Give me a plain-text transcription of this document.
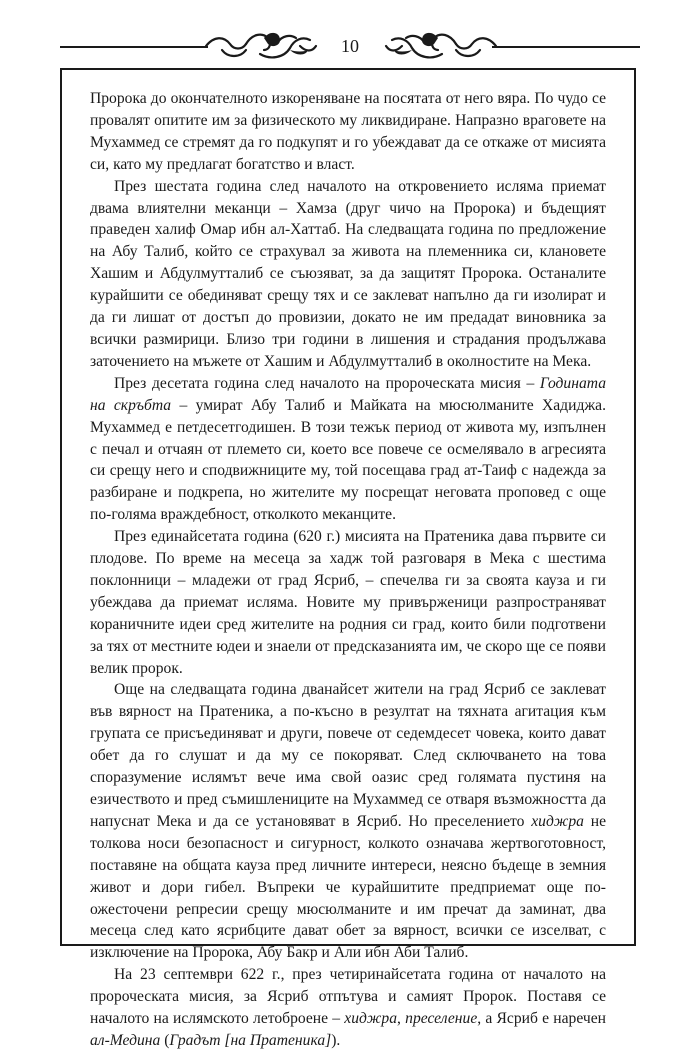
10

Пророка до окончателното изкореняване на посятата от него вяра. По чудо се провалят опитите им за физическото му ликвидиране. Напразно враговете на Мухаммед се стремят да го подкупят и го убеждават да се откаже от мисията си, като му предлагат богатство и власт.

През шестата година след началото на откровението исляма приемат двама влиятелни меканци – Хамза (друг чичо на Пророка) и бъдещият праведен халиф Омар ибн ал-Хаттаб. На следващата година по предложение на Абу Талиб, който се страхувал за живота на племенника си, клановете Хашим и Абдулмутталиб се съюзяват, за да защитят Пророка. Останалите курайшити се обединяват срещу тях и се заклеват напълно да ги изолират и да ги лишат от достъп до провизии, докато не им предадат виновника за всички размирици. Близо три години в лишения и страдания продължава заточението на мъжете от Хашим и Абдулмутталиб в околностите на Мека.

През десетата година след началото на пророческата мисия – Годината на скръбта – умират Абу Талиб и Майката на мюсюлманите Хадиджа. Мухаммед е петдесетгодишен. В този тежък период от живота му, изпълнен с печал и отчаян от племето си, което все повече се осмелявало в агресията си срещу него и сподвижниците му, той посещава град ат-Таиф с надежда за разбиране и подкрепа, но жителите му посрещат неговата проповед с още по-голяма враждебност, отколкото меканците.

През единайсетата година (620 г.) мисията на Пратеника дава първите си плодове. По време на месеца за хадж той разговаря в Мека с шестима поклонници – младежи от град Ясриб, – спечелва ги за своята кауза и ги убеждава да приемат исляма. Новите му привърженици разпространяват кораничните идеи сред жителите на родния си град, които били подготвени за тях от местните юдеи и знаели от предсказанията им, че скоро ще се появи велик пророк.

Още на следващата година дванайсет жители на град Ясриб се заклеват във вярност на Пратеника, а по-късно в резултат на тяхната агитация към групата се присъединяват и други, повече от седемдесет човека, които дават обет да го слушат и да му се покоряват. След сключването на това споразумение ислямът вече има свой оазис сред голямата пустиня на езичеството и пред съмишлениците на Мухаммед се отваря възможността да напуснат Мека и да се установяват в Ясриб. Но преселението хиджра не толкова носи безопасност и сигурност, колкото означава жертвоготовност, поставяне на общата кауза пред личните интереси, неясно бъдеще в земния живот и дори гибел. Въпреки че курайшитите предприемат още по-ожесточени репресии срещу мюсюлманите и им пречат да заминат, два месеца след като ясрибците дават обет за вярност, всички се изселват, с изключение на Пророка, Абу Бакр и Али ибн Аби Талиб.

На 23 септември 622 г., през четиринайсетата година от началото на пророческата мисия, за Ясриб отпътува и самият Пророк. Поставя се началото на ислямското летоброене – хиджра, преселение, а Ясриб е наречен ал-Медина (Градът [на Пратеника]).
